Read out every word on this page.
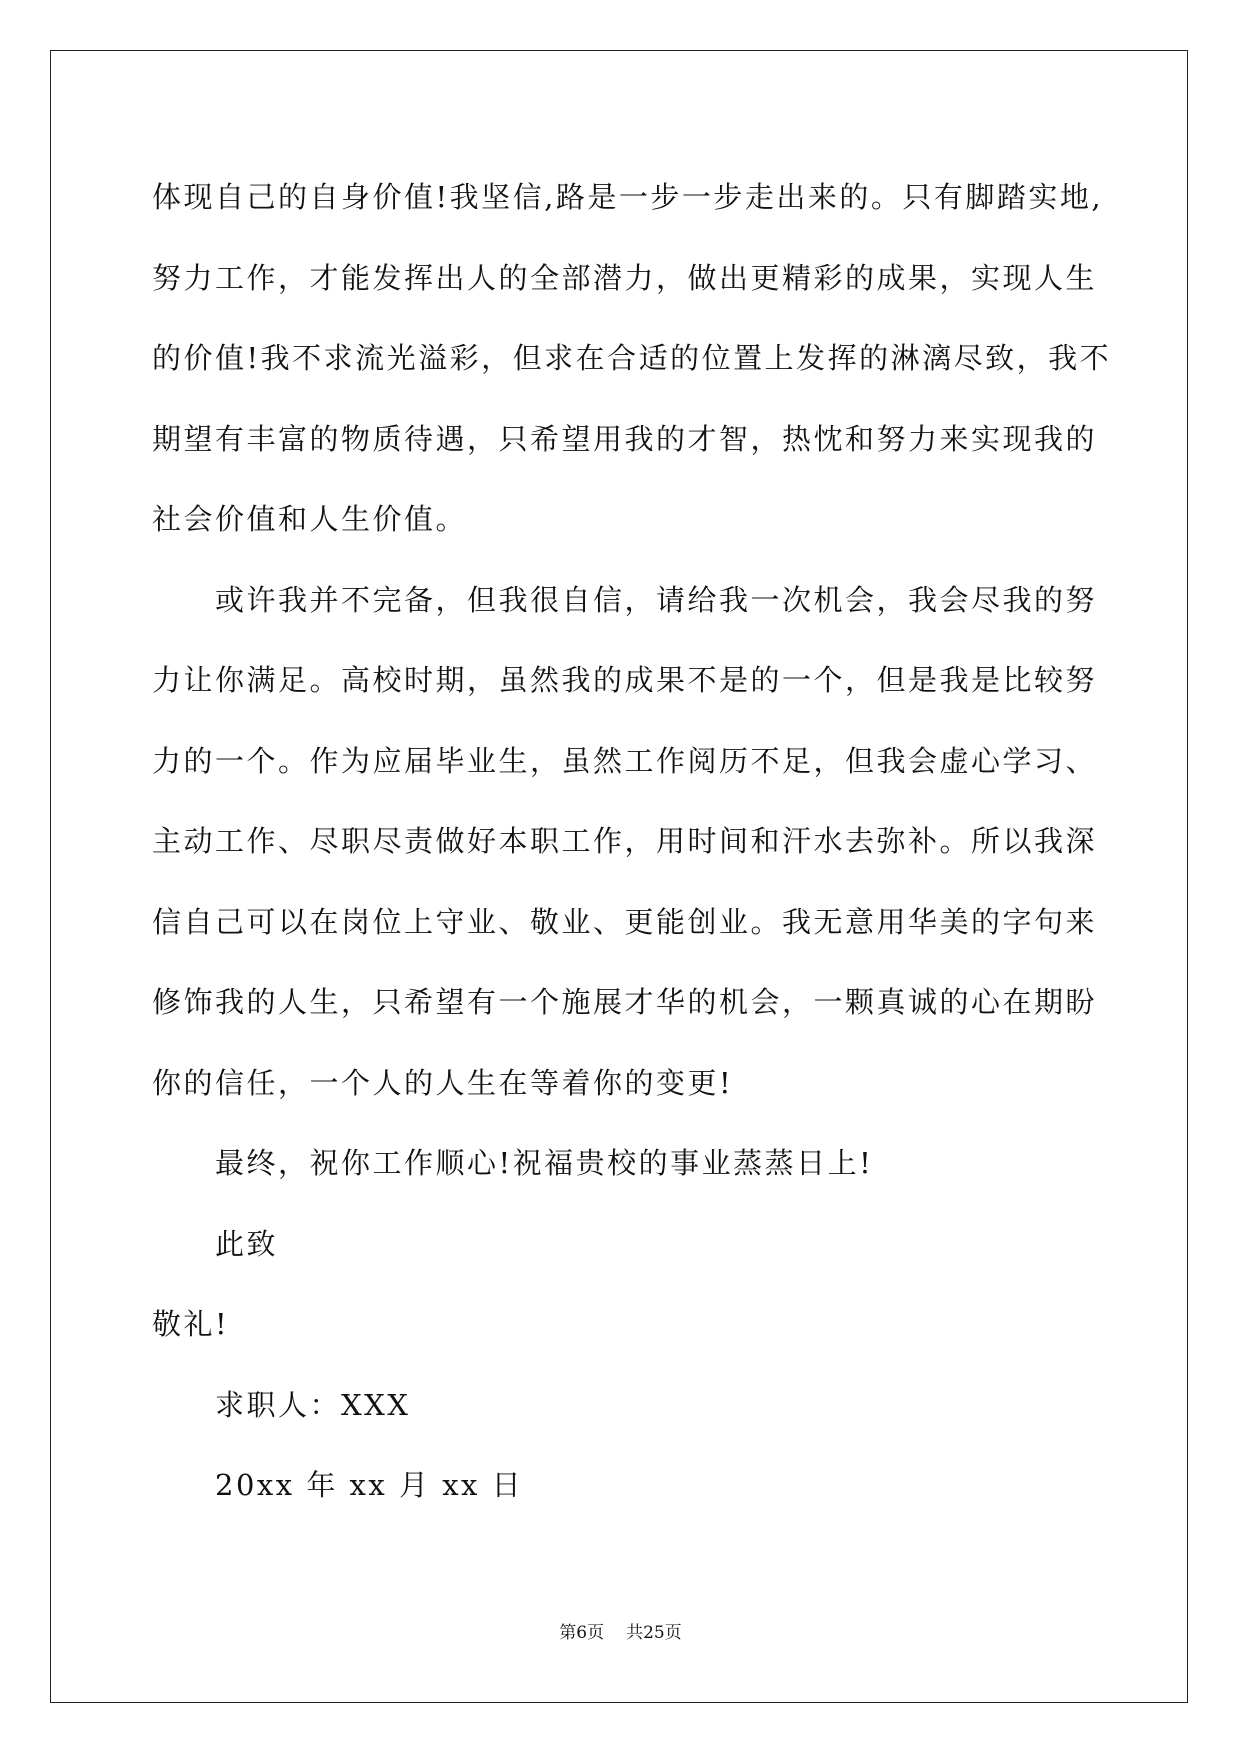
体现自己的自身价值!我坚信,路是一步一步走出来的。只有脚踏实地,

努力工作，才能发挥出人的全部潜力，做出更精彩的成果，实现人生

的价值!我不求流光溢彩，但求在合适的位置上发挥的淋漓尽致，我不

期望有丰富的物质待遇，只希望用我的才智，热忱和努力来实现我的

社会价值和人生价值。

或许我并不完备，但我很自信，请给我一次机会，我会尽我的努

力让你满足。高校时期，虽然我的成果不是的一个，但是我是比较努

力的一个。作为应届毕业生，虽然工作阅历不足，但我会虚心学习、

主动工作、尽职尽责做好本职工作，用时间和汗水去弥补。所以我深

信自己可以在岗位上守业、敬业、更能创业。我无意用华美的字句来

修饰我的人生，只希望有一个施展才华的机会，一颗真诚的心在期盼

你的信任，一个人的人生在等着你的变更!

最终，祝你工作顺心!祝福贵校的事业蒸蒸日上!

此致

敬礼!

求职人：XXX

20xx 年 xx 月 xx 日

第6页 共25页
